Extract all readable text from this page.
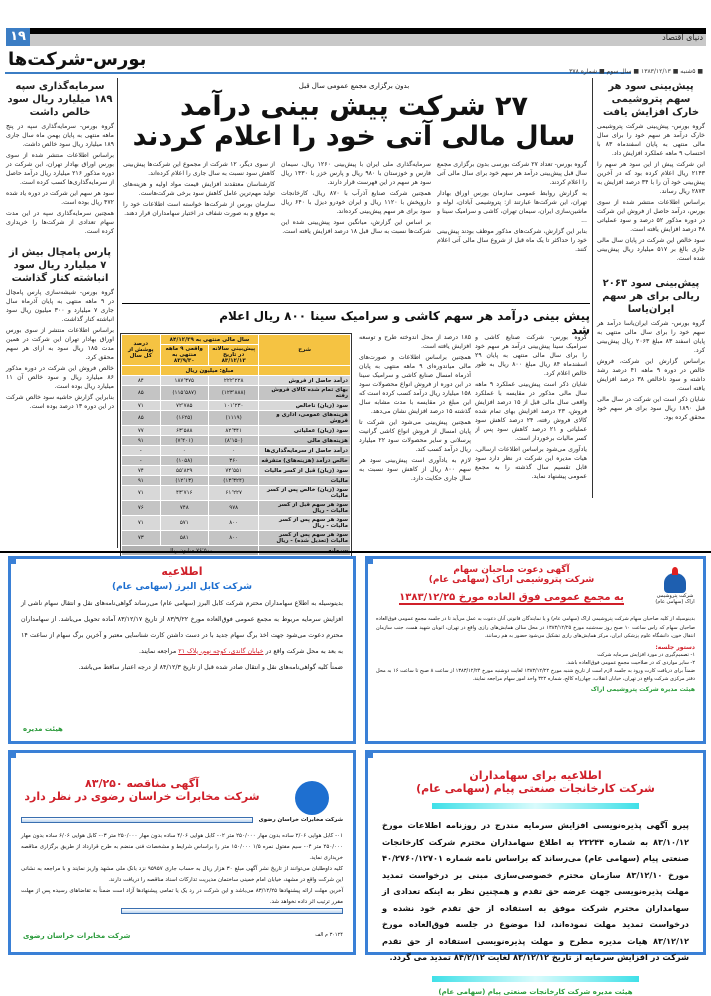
۱۹	دنیای اقتصاد
بورس-شرکت‌ها
■ ۵شنبه ■ ۱۳۸۳/۱۲/۱۳ ■ سال سوم ■ شماره ۳۷۸
پیش‌بینی سود هر سهم پتروشیمی خارک افزایش یافت

گروه بورس- پیش‌بینی شرکت پتروشیمی خارک درآمد هر سهم خود را برای سال مالی منتهی به پایان اسفندماه ۸۳ با احتساب ۹ ماهه عملکرد افزایش داد.

این شرکت پیش از این سود هر سهم را ۲۱۴۳ ریال اعلام کرده بود که در آخرین پیش‌بینی خود آن را با ۳۴ درصد افزایش به ۲۸۷۳ ریال رساند.

براساس اطلاعات منتشر شده از سوی بورس، درآمد حاصل از فروش این شرکت در دوره مذکور ۵۲ درصد و سود عملیاتی ۴۸ درصد افزایش یافته است.

سود خالص این شرکت در پایان سال مالی جاری بالغ بر ۵۱۷ میلیارد ریال پیش‌بینی شده است.

پیش‌بینی سود ۲۰۶۳ ریالی برای هر سهم ایران‌یاسا

گروه بورس- شرکت ایران‌یاسا درآمد هر سهم خود را برای سال مالی منتهی به پایان اسفند ۸۳ مبلغ ۲۰۶۳ ریال پیش‌بینی کرد.

براساس گزارش این شرکت، فروش خالص در دوره ۹ ماهه ۴۱ درصد رشد داشته و سود ناخالص ۳۸ درصد افزایش یافته است.

شایان ذکر است این شرکت در سال مالی قبل ۱۸۹۰ ریال سود برای هر سهم خود محقق کرده بود.

بدون برگزاری مجمع عمومی سال قبل
۲۷ شرکت پیش بینی درآمد
سال مالی آتی خود را اعلام کردند

گروه بورس- تعداد ۲۷ شرکت بورسی بدون برگزاری مجمع سال قبل پیش‌بینی درآمد هر سهم خود برای سال مالی آتی را اعلام کردند.

به گزارش روابط عمومی سازمان بورس اوراق بهادار تهران، این شرکت‌ها عبارتند از: پتروشیمی آبادان، لوله و ماشین‌سازی ایران، سیمان تهران، کاشی و سرامیک سینا و ...

بنابر این گزارش، شرکت‌های مذکور موظف بودند پیش‌بینی خود را حداکثر تا یک ماه قبل از شروع سال مالی آتی اعلام کنند.

سرمایه‌گذاری ملی ایران با پیش‌بینی ۱۲۶۰ ریال، سیمان فارس و خوزستان با ۹۸۰ ریال و پارس خزر با ۱۴۳۰ ریال سود هر سهم در این فهرست قرار دارند.

همچنین شرکت صنایع آذرآب با ۸۷۰ ریال، کارخانجات داروپخش با ۱۱۲۰ ریال و ایران خودرو دیزل با ۶۴۰ ریال سود برای هر سهم پیش‌بینی کرده‌اند.

بر اساس این گزارش، میانگین سود پیش‌بینی شده این شرکت‌ها نسبت به سال قبل ۱۸ درصد افزایش یافته است.

از سوی دیگر، ۱۲ شرکت از مجموع این شرکت‌ها پیش‌بینی کاهش سود نسبت به سال جاری را اعلام کرده‌اند.

کارشناسان معتقدند افزایش قیمت مواد اولیه و هزینه‌های تولید مهم‌ترین عامل کاهش سود برخی شرکت‌هاست.

سازمان بورس از شرکت‌ها خواسته است اطلاعات خود را به موقع و به صورت شفاف در اختیار سهامداران قرار دهند.

پیش بینی درآمد هر سهم کاشی و سرامیک سینا ۸۰۰ ریال اعلام شد

گروه بورس- شرکت صنایع کاشی و سرامیک سینا پیش‌بینی درآمد هر سهم خود را برای سال مالی منتهی به پایان ۲۹ اسفندماه ۸۴ ریال مبلغ ۸۰۰ ریال به طور خالص اعلام کرد.

شایان ذکر است پیش‌بینی عملکرد ۹ ماهه سال مالی مذکور در مقایسه با عملکرد واقعی سال مالی قبل از ۱۵ درصد افزایش فروش، ۲۳ درصد افزایش بهای تمام شده کالای فروش رفته، ۲۴ درصد کاهش سود عملیاتی و ۲۱ درصد کاهش سود پس از کسر مالیات برخوردار است.

یادآوری می‌شود براساس اطلاعات ارسالی، هیات مدیره این شرکت در نظر دارد سود قابل تقسیم سال گذشته را به مجمع عمومی پیشنهاد نماید.

۱۸۵ درصد از محل اندوخته طرح و توسعه افزایش یافته است.

همچنین براساس اطلاعات و صورت‌های مالی میاندوره‌ای ۹ ماهه منتهی به پایان آذرماه امسال صنایع کاشی و سرامیک سینا در این دوره از فروش انواع محصولات سود ۱۵۸ میلیارد ریال درآمد کسب کرده است که این مبلغ در مقایسه با مدت مشابه سال گذشته ۱۵ درصد افزایش نشان می‌دهد.

همچنین پیش‌بینی می‌شود این شرکت تا پایان امسال از فروش انواع کاشی گرانیت پرسلانی و سایر محصولات سود ۲۲ میلیارد ریال درآمد کسب کند.

لازم به یادآوری است پیش‌بینی سود هر سهم ۸۰۰ ریال از کاهش سود نسبت به سال جاری حکایت دارد.

شرح	سال مالی منتهی به ۸۴/۱۲/۲۹		درصد پوشش از کل سال
	پیش‌بینی سالانه در تاریخ ۸۳/۱۲/۱۳	واقعی ۹ ماهه منتهی به ۸۳/۹/۳۰	
	مبلغ: میلیون ریال		
درآمد حاصل از فروش	۲۲۲٬۲۲۸	۱۸۷٬۳۷۵	۸۴
بهای تمام شده کالای فروش رفته	(۱۲۳٬۸۸۸)	(۱۱۵٬۵۸۷)	۸۵
سود (زیان) ناخالص	۱۰۱٬۲۳۰	۷۲٬۷۸۵	۷۱
هزینه‌های عمومی، اداری و فروش	(۱۱۱۹)	(۱۶۲۵)	۸۵
سود (زیان) عملیاتی	۸۲٬۳۴۱	۶۳٬۵۸۸	۷۷
هزینه‌های مالی	(۸٬۱۵۰)	(۷٬۴۰۱)	۹۱
درآمد حاصل از سرمایه‌گذاری‌ها	۰	۰	-
خالص درآمد (هزینه‌های) متفرقه	۳۶۰	(۱۰۵۸)	-
سود (زیان) قبل از کسر مالیات	۷۴٬۵۵۱	۵۵٬۸۲۹	۷۴
مالیات	(۱۳٬۳۲۴)	(۱۲٬۱۳)	۹۱
سود (زیان) خالص پس از کسر مالیات	۶۱٬۲۲۷	۴۳٬۷۱۶	۷۱
سود هر سهم قبل از کسر مالیات - ریال	۹۷۸	۷۴۸	۷۶
سود هر سهم پس از کسر مالیات - ریال	۸۰۰	۵۷۱	۷۱
سود هر سهم پس از کسر مالیات (تعدیل شده) - ریال	۸۰۰	۵۸۱	۷۳

سرمایه‌گذاری سپه ۱۸۹ میلیارد ریال سود خالص داشت

گروه بورس- سرمایه‌گذاری سپه در پنج ماهه منتهی به پایان بهمن ماه سال جاری ۱۸۹ میلیارد ریال سود خالص داشت.

براساس اطلاعات منتشر شده از سوی بورس اوراق بهادار تهران، این شرکت در دوره مذکور ۲۱۶ میلیارد ریال درآمد حاصل از سرمایه‌گذاری‌ها کسب کرده است.

سود هر سهم این شرکت در دوره یاد شده ۴۷۲ ریال بوده است.

همچنین سرمایه‌گذاری سپه در این مدت سهام تعدادی از شرکت‌ها را خریداری کرده است.

پارس پامچال بیش از ۷ میلیارد ریال سود انباشته کنار گذاشت

گروه بورس- شیشه‌سازی پارس پامچال در ۹ ماهه منتهی به پایان آذرماه سال جاری ۷ میلیارد و ۳۰۰ میلیون ریال سود انباشته کنار گذاشت.

براساس اطلاعات منتشر از سوی بورس اوراق بهادار تهران این شرکت در همین مدت ۱۸۵ ریال سود به ازای هر سهم محقق کرد.

خالص فروش این شرکت در دوره مذکور ۸۶ میلیارد ریال و سود خالص آن ۱۱ میلیارد ریال بوده است.

بنابراین گزارش حاشیه سود خالص شرکت در این دوره ۱۳ درصد بوده است.

اطلاعیه
شرکت کابل البرز (سهامی عام)
بدینوسیله به اطلاع سهامداران محترم شرکت کابل البرز (سهامی عام) می‌رساند گواهی‌نامه‌های نقل و انتقال سهام ناشی از افزایش سرمایه مربوط به مجمع عمومی فوق‌العاده مورخ ۸۳/۹/۲۲ از تاریخ ۸۳/۱۲/۱۷ آماده تحویل می‌باشد. از سهامداران محترم دعوت می‌شود جهت اخذ برگ سهام جدید با در دست داشتن کارت شناسایی معتبر و آخرین برگ سهام از ساعت ۱۴ به بعد به محل شرکت واقع در خیابان گاندی، کوچه نهم، پلاک ۲۱ مراجعه نمایند.

ضمناً کلیه گواهی‌نامه‌های نقل و انتقال صادر شده قبل از تاریخ ۸۴/۱۲/۳ از درجه اعتبار ساقط می‌باشد.

هیئت مدیره
شرکت پتروشیمی اراک (سهامی عام)
آگهی دعوت صاحبان سهام
شرکت پتروشیمی اراک (سهامی عام)
به مجمع عمومی فوق العاده مورخ ۱۳۸۳/۱۲/۲۵
بدینوسیله از کلیه صاحبان سهام شرکت پتروشیمی اراک (سهامی عام) و یا نمایندگان قانونی آنان دعوت به عمل می‌آید تا در جلسه مجمع عمومی فوق‌العاده صاحبان سهام که راس ساعت ۱۰ صبح روز سه‌شنبه مورخ ۱۳۸۳/۱۲/۲۵ در محل سالن همایش‌های رازی واقع در تهران، اتوبان شهید همت، جنب سازمان انتقال خون، دانشگاه علوم پزشکی ایران، مرکز همایش‌های رازی تشکیل می‌شود حضور به هم رسانند.
دستور جلسه:
۱- تصمیم‌گیری در مورد افزایش سرمایه شرکت
۲- سایر مواردی که در صلاحیت مجمع عمومی فوق‌العاده باشد.
ضمناً برای دریافت کارت ورود به جلسه لازم است از تاریخ شنبه مورخ ۱۳۸۳/۱۲/۲۲ لغایت دوشنبه مورخ ۱۳۸۳/۱۲/۲۴ از ساعت ۸ صبح تا ساعت ۱۶ به محل دفتر مرکزی شرکت واقع در تهران، خیابان انقلاب، چهارراه کالج، شماره ۳۲۲ واحد امور سهام مراجعه نمایند.
هیئت مدیره شرکت پتروشیمی اراک
آگهی مناقصه ۸۳/۲۵۰
شرکت مخابرات خراسان رضوی در نظر دارد
شرکت مخابرات خراسان رضوی

۰۱- کابل هوایی ۲/۰۶ ساده بدون مهار ۲۵۰/۰۰۰ متر ۰۲- کابل هوایی ۴/۰۶ ساده بدون مهار ۲۵۰/۰۰۰ متر ۰۳- کابل هوایی ۶/۰۶ ساده بدون مهار ۲۵۰/۰۰۰ متر ۰۴- سیم مفتول نمره ۱/۵ ۱۵۰/۰۰۰ متر را براساس شرایط و مشخصات فنی منضم به طرح قرارداد از طریق برگزاری مناقصه خریداری نماید.

کلیه داوطلبان می‌توانند از تاریخ نشر آگهی مبلغ ۳۰ هزار ریال به حساب جاری ۹۵۹۵۷ نزد بانک ملی مشهد واریز نمایند و با مراجعه به نشانی این شرکت واقع در مشهد، خیابان امام خمینی ساختمان مدیریت تدارکات اسناد مناقصه را دریافت دارند.

آخرین مهلت ارائه پیشنهادها ۸۳/۱۲/۲۵ می‌باشد و این شرکت در رد یک یا تمامی پیشنهادها آزاد است ضمناً به تقاضاهای رسیده پس از مهلت مقرر ترتیب اثر داده نخواهد شد.

۳۰۱۲۴ م الف
شرکت مخابرات خراسان رضوی
اطلاعیه برای سهامداران
شرکت کارخانجات صنعتی پیام (سهامی عام)
پیرو آگهی پذیره‌نویسی افزایش سرمایه مندرج در روزنامه اطلاعات مورخ ۸۳/۱۰/۱۲ به شماره ۲۳۲۴۴ به اطلاع سهامداران محترم شرکت کارخانجات صنعتی پیام (سهامی عام) می‌رساند که براساس نامه شماره ۴۰/۲۷۶۰/۱۲۷۰۱ مورخ ۸۳/۱۲/۱۰ سازمان محترم خصوصی‌سازی مبنی بر درخواست تمدید مهلت پذیره‌نویسی جهت عرضه حق تقدم و همچنین نظر به اینکه تعدادی از سهامداران محترم شرکت موفق به استفاده از حق تقدم خود نشده و درخواست تمدید مهلت نموده‌اند، لذا موضوع در جلسه فوق‌العاده مورخ ۸۳/۱۲/۱۲ هیات مدیره مطرح و مهلت پذیره‌نویسی استفاده از حق تقدم شرکت در افزایش سرمایه از تاریخ ۸۳/۱۲/۱۲ لغایت ۸۴/۲/۱۲ تمدید می گردد.
هیئت مدیره شرکت کارخانجات صنعتی پیام (سهامی عام)
